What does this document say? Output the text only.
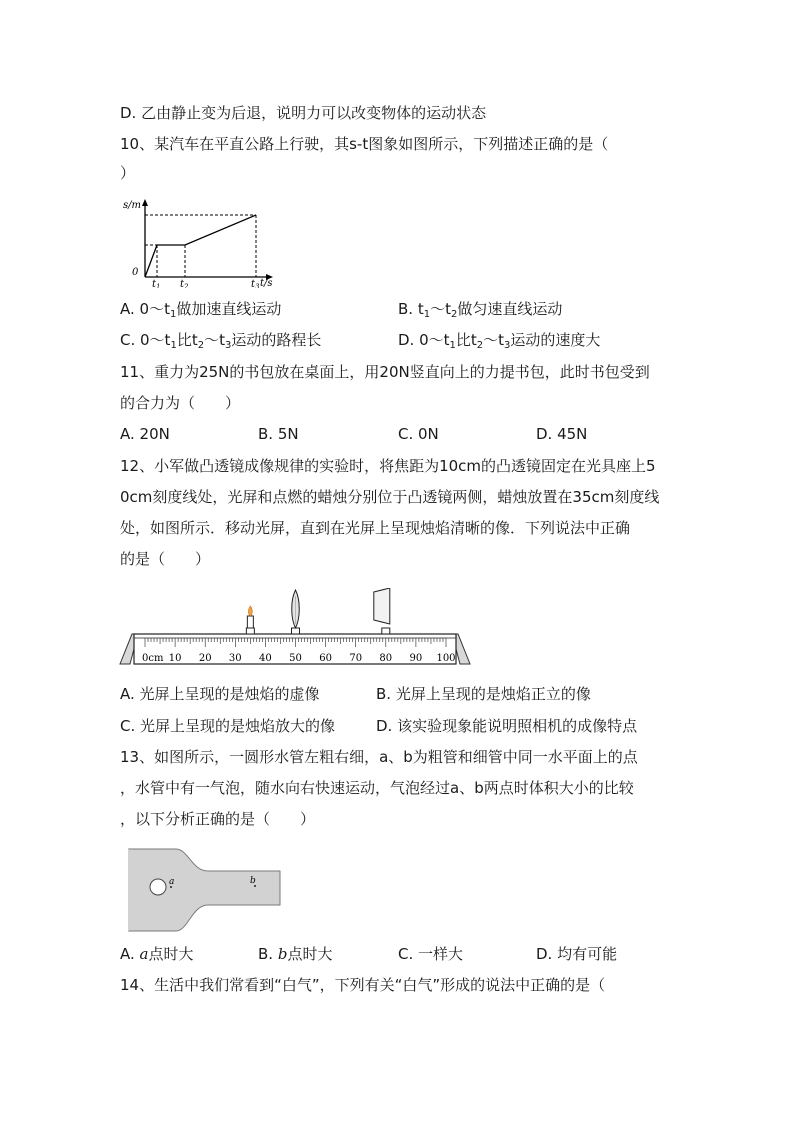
D. 乙由静止变为后退，说明力可以改变物体的运动状态
10、某汽车在平直公路上行驶，其s-t图象如图所示，下列描述正确的是（
）
s/m
t/s
0
$t_1$ $t_2$	$t_3$
A. $0\sim t_1$做加速直线运动	B. $t_1\sim t_2$做匀速直线运动
C. $0\sim t_1$比$t_2\sim t_3$运动的路程长	D. $0\sim t_1$比$t_2\sim t_3$运动的速度大
11、重力为25N的书包放在桌面上，用20N竖直向上的力提书包，此时书包受到
的合力为（　　）
A. 20N	B. 5N	C. 0N	D. 45N
12、小军做凸透镜成像规律的实验时，将焦距为10cm的凸透镜固定在光具座上5
0cm刻度线处，光屏和点燃的蜡烛分别位于凸透镜两侧，蜡烛放置在35cm刻度线
处，如图所示．移动光屏，直到在光屏上呈现烛焰清晰的像．下列说法中正确
的是（　　）
0cm 10 20 30 40 50 60 70 80 90 100
A. 光屏上呈现的是烛焰的虚像	B. 光屏上呈现的是烛焰正立的像
C. 光屏上呈现的是烛焰放大的像	D. 该实验现象能说明照相机的成像特点
13、如图所示，一圆形水管左粗右细，a、b为粗管和细管中同一水平面上的点
，水管中有一气泡，随水向右快速运动，气泡经过a、b两点时体积大小的比较
，以下分析正确的是（　　）
a	b
A. a点时大	B. b点时大	C. 一样大	D. 均有可能
14、生活中我们常看到“白气”，下列有关“白气”形成的说法中正确的是（
